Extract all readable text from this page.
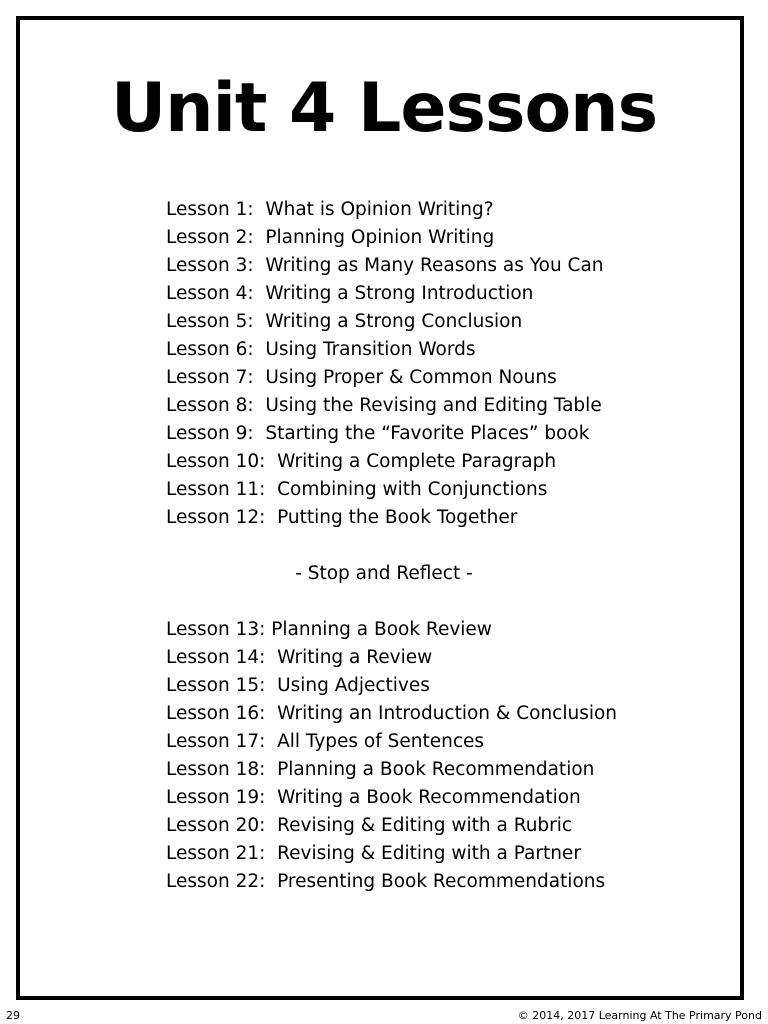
Unit 4 Lessons
Lesson 1:  What is Opinion Writing?
Lesson 2:  Planning Opinion Writing
Lesson 3:  Writing as Many Reasons as You Can
Lesson 4:  Writing a Strong Introduction
Lesson 5:  Writing a Strong Conclusion
Lesson 6:  Using Transition Words
Lesson 7:  Using Proper & Common Nouns
Lesson 8:  Using the Revising and Editing Table
Lesson 9:  Starting the “Favorite Places” book
Lesson 10:  Writing a Complete Paragraph
Lesson 11:  Combining with Conjunctions
Lesson 12:  Putting the Book Together
- Stop and Reflect -
Lesson 13: Planning a Book Review
Lesson 14:  Writing a Review
Lesson 15:  Using Adjectives
Lesson 16:  Writing an Introduction & Conclusion
Lesson 17:  All Types of Sentences
Lesson 18:  Planning a Book Recommendation
Lesson 19:  Writing a Book Recommendation
Lesson 20:  Revising & Editing with a Rubric
Lesson 21:  Revising & Editing with a Partner
Lesson 22:  Presenting Book Recommendations
29	© 2014, 2017 Learning At The Primary Pond
